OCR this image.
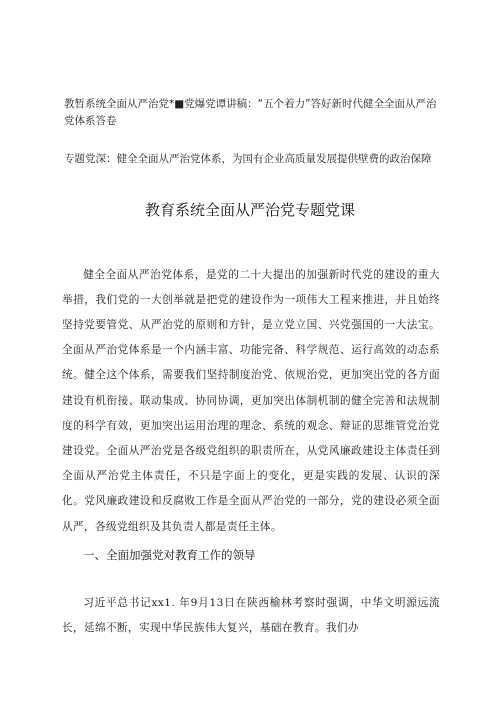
教暂系统全面从严治党*■党爆党谭讲稿：“五个着力”答好新时代健全全面从严治党体系答卷
专题党深：健全全面从严治党体系，为国有企业高质量发展提供壁费的政治保障
教育系统全面从严治党专题党课

健全全面从严治党体系，是党的二十大提出的加强新时代党的建设的重大举措，我们党的一大创举就是把党的建设作为一项伟大工程来推进，并且始终坚持党要管党、从严治党的原则和方针，是立党立国、兴党强国的一大法宝。全面从严治党体系是一个内涵丰富、功能完备、科学规范、运行高效的动态系统。健全这个体系，需要我们坚持制度治党、依规治党，更加突出党的各方面建设有机衔接、联动集成、协同协调，更加突出体制机制的健全完善和法规制度的科学有效，更加突出运用治理的理念、系统的观念、辩证的思维管党治党建设党。全面从严治党是各级党组织的职责所在，从党风廉政建设主体责任到全面从严治党主体责任，不只是字面上的变化，更是实践的发展、认识的深化。党风廉政建设和反腐败工作是全面从严治党的一部分，党的建设必须全面从严，各级党组织及其负责人都是责任主体。

一、全面加强党对教育工作的领导

习近平总书记xx1. 年9月13日在陕西榆林考察时强调，中华文明源远流长，延绵不断，实现中华民族伟大复兴，基础在教育。我们办
